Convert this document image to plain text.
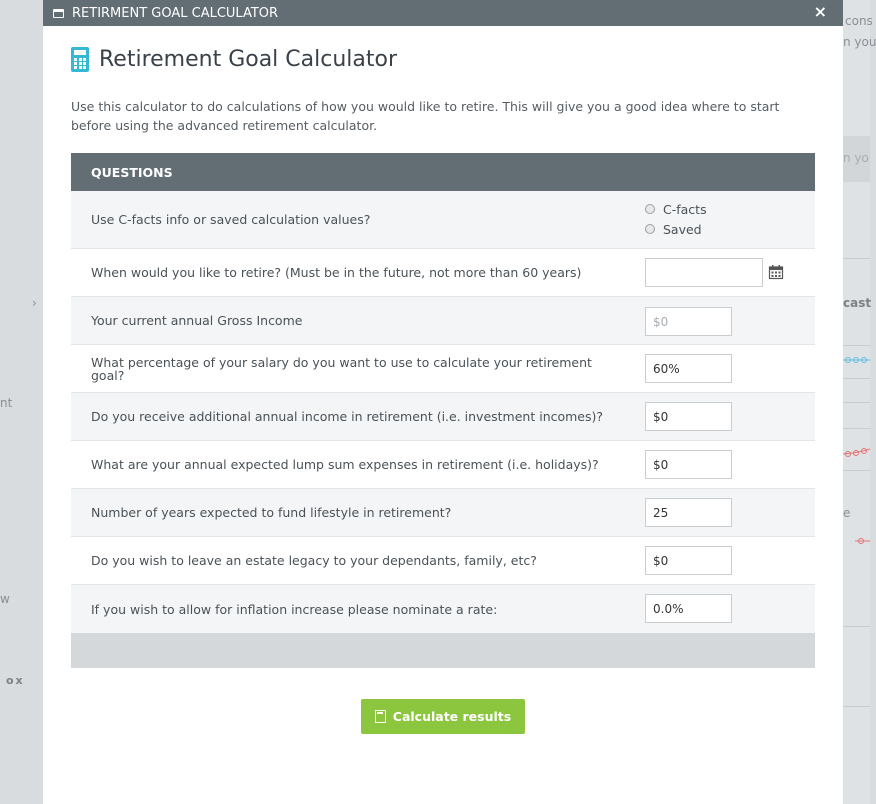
›
nt
w
ox
cons
n you
n yo
cast
e
RETIRMENT GOAL CALCULATOR	×
Retirement Goal Calculator
Use this calculator to do calculations of how you would like to retire. This will give you a good idea where to start before using the advanced retirement calculator.
QUESTIONS
Use C-facts info or saved calculation values?
C-facts
Saved
When would you like to retire? (Must be in the future, not more than 60 years)
Your current annual Gross Income	$0
What percentage of your salary do you want to use to calculate your retirement goal?	60%
Do you receive additional annual income in retirement (i.e. investment incomes)?	$0
What are your annual expected lump sum expenses in retirement (i.e. holidays)?	$0
Number of years expected to fund lifestyle in retirement?	25
Do you wish to leave an estate legacy to your dependants, family, etc?	$0
If you wish to allow for inflation increase please nominate a rate:	0.0%
Calculate results
